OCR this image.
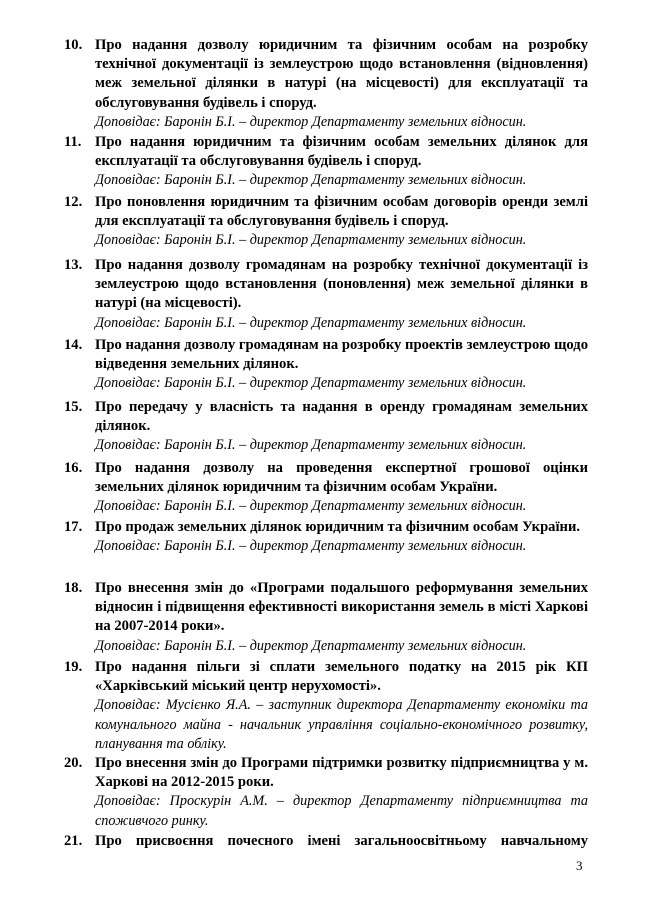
10. Про надання дозволу юридичним та фізичним особам на розробку технічної документації із землеустрою щодо встановлення (відновлення) меж земельної ділянки в натурі (на місцевості) для експлуатації та обслуговування будівель і споруд.
Доповідає: Баронін Б.І. – директор Департаменту земельних відносин.
11. Про надання юридичним та фізичним особам земельних ділянок для експлуатації та обслуговування будівель і споруд.
Доповідає: Баронін Б.І. – директор Департаменту земельних відносин.
12. Про поновлення юридичним та фізичним особам договорів оренди землі для експлуатації та обслуговування будівель і споруд.
Доповідає: Баронін Б.І. – директор Департаменту земельних відносин.
13. Про надання дозволу громадянам на розробку технічної документації із землеустрою щодо встановлення (поновлення) меж земельної ділянки в натурі (на місцевості).
Доповідає: Баронін Б.І. – директор Департаменту земельних відносин.
14. Про надання дозволу громадянам на розробку проектів землеустрою щодо відведення земельних ділянок.
Доповідає: Баронін Б.І. – директор Департаменту земельних відносин.
15. Про передачу у власність та надання в оренду громадянам земельних ділянок.
Доповідає: Баронін Б.І. – директор Департаменту земельних відносин.
16. Про надання дозволу на проведення експертної грошової оцінки земельних ділянок юридичним та фізичним особам України.
Доповідає: Баронін Б.І. – директор Департаменту земельних відносин.
17. Про продаж земельних ділянок юридичним та фізичним особам України.
Доповідає: Баронін Б.І. – директор Департаменту земельних відносин.
18. Про внесення змін до «Програми подальшого реформування земельних відносин і підвищення ефективності використання земель в місті Харкові на 2007-2014 роки».
Доповідає: Баронін Б.І. – директор Департаменту земельних відносин.
19. Про надання пільги зі сплати земельного податку на 2015 рік КП «Харківський міський центр нерухомості».
Доповідає: Мусієнко Я.А. – заступник директора Департаменту економіки та комунального майна - начальник управління соціально-економічного розвитку, планування та обліку.
20. Про внесення змін до Програми підтримки розвитку підприємництва у м. Харкові на 2012-2015 роки.
Доповідає: Проскурін А.М. – директор Департаменту підприємництва та споживчого ринку.
21. Про присвоєння почесного імені загальноосвітньому навчальному
3
